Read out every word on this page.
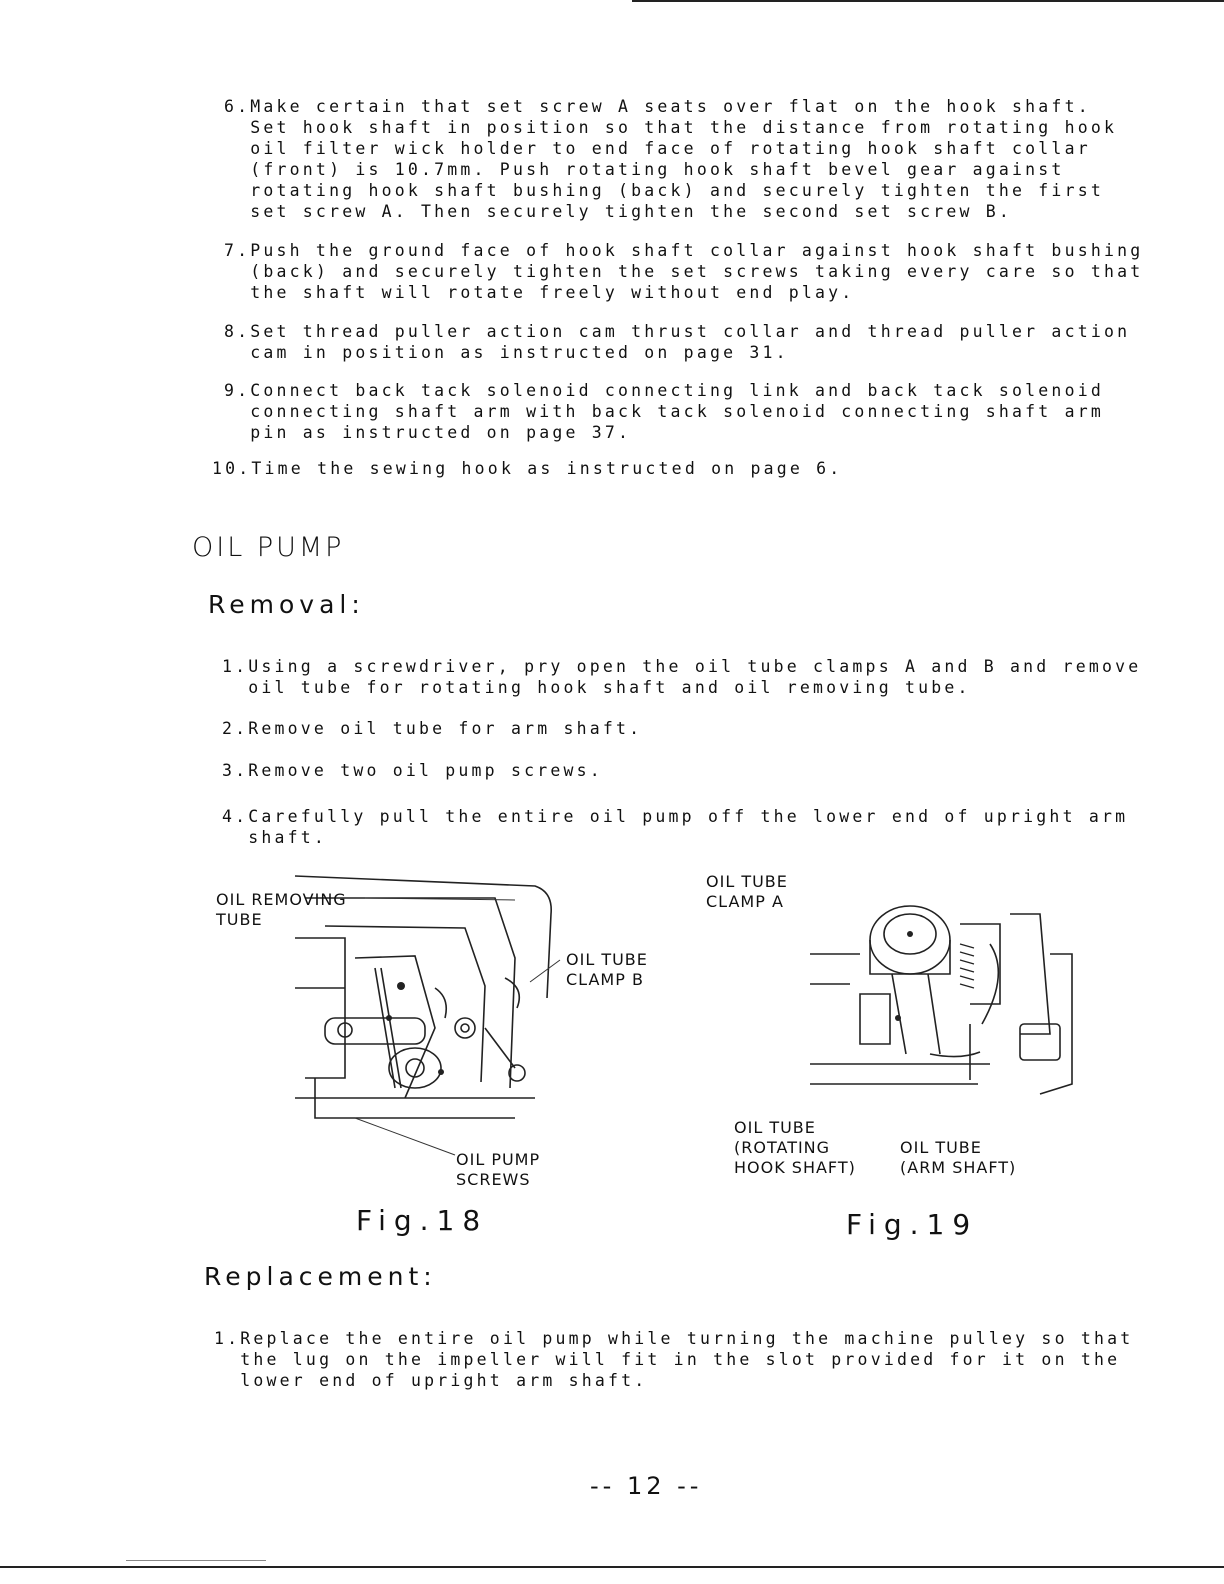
6.Make certain that set screw A seats over flat on the hook shaft.
Set hook shaft in position so that the distance from rotating hook
oil filter wick holder to end face of rotating hook shaft collar
(front) is 10.7mm. Push rotating hook shaft bevel gear against
rotating hook shaft bushing (back) and securely tighten the first
set screw A. Then securely tighten the second set screw B.
7.Push the ground face of hook shaft collar against hook shaft bushing
(back) and securely tighten the set screws taking every care so that
the shaft will rotate freely without end play.
8.Set thread puller action cam thrust collar and thread puller action
cam in position as instructed on page 31.
9.Connect back tack solenoid connecting link and back tack solenoid
connecting shaft arm with back tack solenoid connecting shaft arm
pin as instructed on page 37.
10.Time the sewing hook as instructed on page 6.
OIL PUMP
Removal:
1.Using a screwdriver, pry open the oil tube clamps A and B and remove
oil tube for rotating hook shaft and oil removing tube.
2.Remove oil tube for arm shaft.
3.Remove two oil pump screws.
4.Carefully pull the entire oil pump off the lower end of upright arm
shaft.
OIL REMOVING
TUBE
OIL TUBE
CLAMP B
OIL PUMP
SCREWS
Fig.18
OIL TUBE
CLAMP A
OIL TUBE
(ROTATING
HOOK SHAFT)
OIL TUBE
(ARM SHAFT)
Fig.19
Replacement:
1.Replace the entire oil pump while turning the machine pulley so that
the lug on the impeller will fit in the slot provided for it on the
lower end of upright arm shaft.
-- 12 --
